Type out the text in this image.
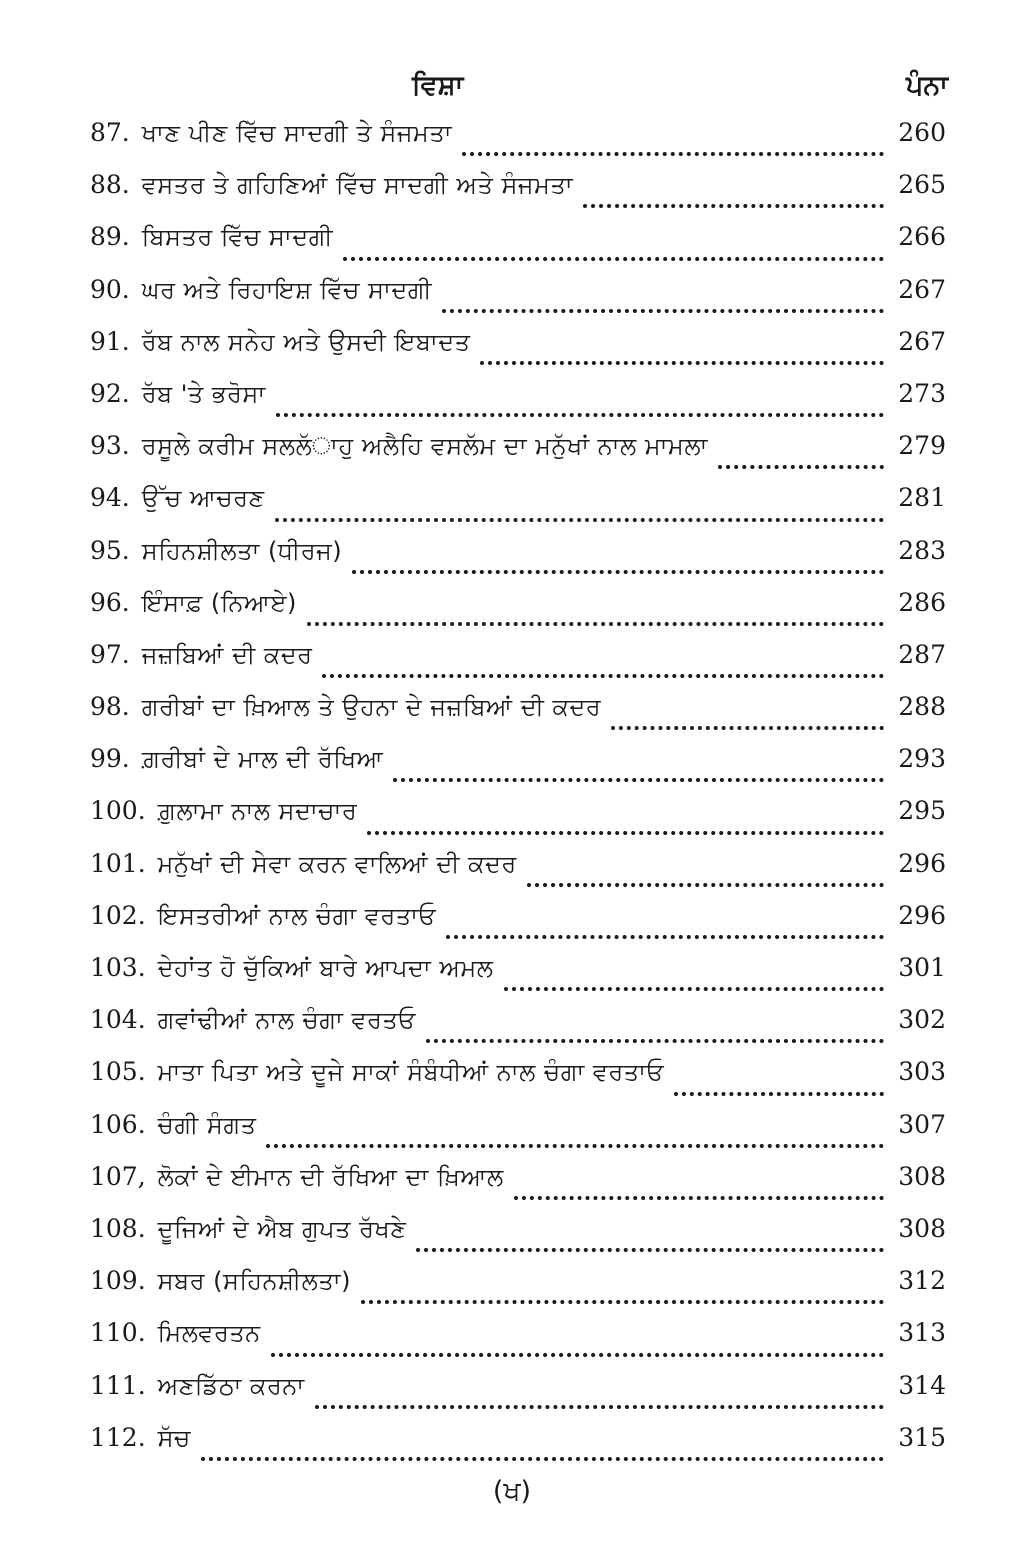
ਵਿਸ਼ਾ	ਪੰਨਾ
87. ਖਾਣ ਪੀਣ ਵਿੱਚ ਸਾਦਗੀ ਤੇ ਸੰਜਮਤਾ	260
88. ਵਸਤਰ ਤੇ ਗਹਿਣਿਆਂ ਵਿੱਚ ਸਾਦਗੀ ਅਤੇ ਸੰਜਮਤਾ	265
89. ਬਿਸਤਰ ਵਿੱਚ ਸਾਦਗੀ	266
90. ਘਰ ਅਤੇ ਰਿਹਾਇਸ਼ ਵਿੱਚ ਸਾਦਗੀ	267
91. ਰੱਬ ਨਾਲ ਸਨੇਹ ਅਤੇ ਉਸਦੀ ਇਬਾਦਤ	267
92. ਰੱਬ 'ਤੇ ਭਰੋਸਾ	273
93. ਰਸੂਲੇ ਕਰੀਮ ਸਲਲੱਾਹੁ ਅਲੈਹਿ ਵਸਲੱਮ ਦਾ ਮਨੁੱਖਾਂ ਨਾਲ ਮਾਮਲਾ	279
94. ਉੱਚ ਆਚਰਣ	281
95. ਸਹਿਨਸ਼ੀਲਤਾ (ਧੀਰਜ)	283
96. ਇੰਸਾਫ਼ (ਨਿਆਏ)	286
97. ਜਜ਼ਬਿਆਂ ਦੀ ਕਦਰ	287
98. ਗਰੀਬਾਂ ਦਾ ਖ਼ਿਆਲ ਤੇ ਉਹਨਾ ਦੇ ਜਜ਼ਬਿਆਂ ਦੀ ਕਦਰ	288
99. ਗ਼ਰੀਬਾਂ ਦੇ ਮਾਲ ਦੀ ਰੱਖਿਆ	293
100. ਗ਼ੁਲਾਮਾ ਨਾਲ ਸਦਾਚਾਰ	295
101. ਮਨੁੱਖਾਂ ਦੀ ਸੇਵਾ ਕਰਨ ਵਾਲਿਆਂ ਦੀ ਕਦਰ	296
102. ਇਸਤਰੀਆਂ ਨਾਲ ਚੰਗਾ ਵਰਤਾਓ	296
103. ਦੇਹਾਂਤ ਹੋ ਚੁੱਕਿਆਂ ਬਾਰੇ ਆਪਦਾ ਅਮਲ	301
104. ਗਵਾਂਢੀਆਂ ਨਾਲ ਚੰਗਾ ਵਰਤਓ	302
105. ਮਾਤਾ ਪਿਤਾ ਅਤੇ ਦੂਜੇ ਸਾਕਾਂ ਸੰਬੰਧੀਆਂ ਨਾਲ ਚੰਗਾ ਵਰਤਾਓ	303
106. ਚੰਗੀ ਸੰਗਤ	307
107, ਲੋਕਾਂ ਦੇ ਈਮਾਨ ਦੀ ਰੱਖਿਆ ਦਾ ਖ਼ਿਆਲ	308
108. ਦੂਜਿਆਂ ਦੇ ਐਬ ਗੁਪਤ ਰੱਖਣੇ	308
109. ਸਬਰ (ਸਹਿਨਸ਼ੀਲਤਾ)	312
110. ਮਿਲਵਰਤਨ	313
111. ਅਣਡਿੱਠਾ ਕਰਨਾ	314
112. ਸੱਚ	315
(ਖ)
